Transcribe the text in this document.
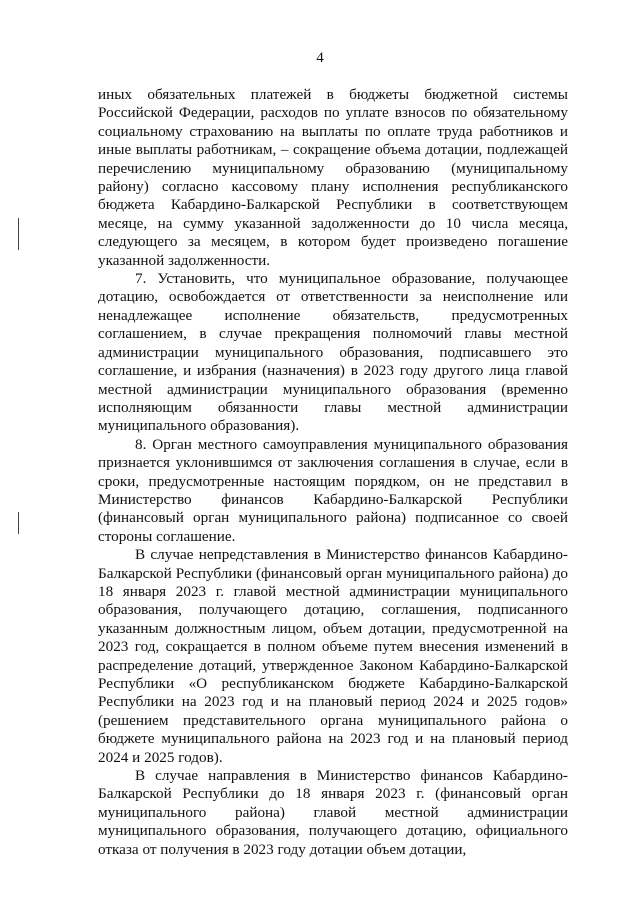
4

иных обязательных платежей в бюджеты бюджетной системы Российской Федерации, расходов по уплате взносов по обязательному социальному страхованию на выплаты по оплате труда работников и иные выплаты работникам, – сокращение объема дотации, подлежащей перечислению муниципальному образованию (муниципальному району) согласно кассовому плану исполнения республиканского бюджета Кабардино-Балкарской Республики в соответствующем месяце, на сумму указанной задолженности до 10 числа месяца, следующего за месяцем, в котором будет произведено погашение указанной задолженности.

7. Установить, что муниципальное образование, получающее дотацию, освобождается от ответственности за неисполнение или ненадлежащее исполнение обязательств, предусмотренных соглашением, в случае прекращения полномочий главы местной администрации муниципального образования, подписавшего это соглашение, и избрания (назначения) в 2023 году другого лица главой местной администрации муниципального образования (временно исполняющим обязанности главы местной администрации муниципального образования).

8. Орган местного самоуправления муниципального образования признается уклонившимся от заключения соглашения в случае, если в сроки, предусмотренные настоящим порядком, он не представил в Министерство финансов Кабардино-Балкарской Республики (финансовый орган муниципального района) подписанное со своей стороны соглашение.

В случае непредставления в Министерство финансов Кабардино-Балкарской Республики (финансовый орган муниципального района) до 18 января 2023 г. главой местной администрации муниципального образования, получающего дотацию, соглашения, подписанного указанным должностным лицом, объем дотации, предусмотренной на 2023 год, сокращается в полном объеме путем внесения изменений в распределение дотаций, утвержденное Законом Кабардино-Балкарской Республики «О республиканском бюджете Кабардино-Балкарской Республики на 2023 год и на плановый период 2024 и 2025 годов» (решением представительного органа муниципального района о бюджете муниципального района на 2023 год и на плановый период 2024 и 2025 годов).

В случае направления в Министерство финансов Кабардино-Балкарской Республики до 18 января 2023 г. (финансовый орган муниципального района) главой местной администрации муниципального образования, получающего дотацию, официального отказа от получения в 2023 году дотации объем дотации,
